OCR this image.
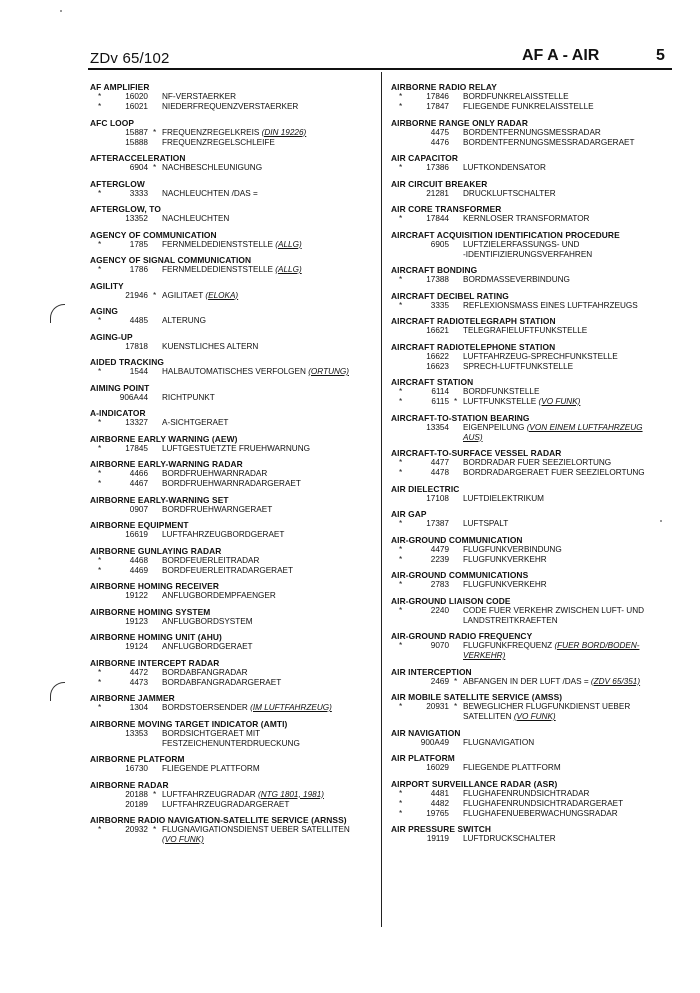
ZDv 65/102	AF A - AIR	5
AF AMPLIFIER
*	16020 NF-VERSTAERKER
*	16021 NIEDERFREQUENZVERSTAERKER
AFC LOOP
15887 * FREQUENZREGELKREIS (DIN 19226)
15888 FREQUENZREGELSCHLEIFE
AFTERACCELERATION
6904 * NACHBESCHLEUNIGUNG
AFTERGLOW
*	3333 NACHLEUCHTEN /DAS =
AFTERGLOW, TO
13352 NACHLEUCHTEN
AGENCY OF COMMUNICATION
*	1785 FERNMELDEDIENSTSTELLE (ALLG)
AGENCY OF SIGNAL COMMUNICATION
*	1786 FERNMELDEDIENSTSTELLE (ALLG)
AGILITY
21946 * AGILITAET (ELOKA)
AGING
*	4485 ALTERUNG
AGING-UP
17818 KUENSTLICHES ALTERN
AIDED TRACKING
*	1544 HALBAUTOMATISCHES VERFOLGEN (ORTUNG)
AIMING POINT
906A44 RICHTPUNKT
A-INDICATOR
*	13327 A-SICHTGERAET
AIRBORNE EARLY WARNING (AEW)
*	17845 LUFTGESTUETZTE FRUEHWARNUNG
AIRBORNE EARLY-WARNING RADAR
*	4466 BORDFRUEHWARNRADAR
*	4467 BORDFRUEHWARNRADARGERAET
AIRBORNE EARLY-WARNING SET
0907 BORDFRUEHWARNGERAET
AIRBORNE EQUIPMENT
16619 LUFTFAHRZEUGBORDGERAET
AIRBORNE GUNLAYING RADAR
*	4468 BORDFEUERLEITRADAR
*	4469 BORDFEUERLEITRADARGERAET
AIRBORNE HOMING RECEIVER
19122 ANFLUGBORDEMPFAENGER
AIRBORNE HOMING SYSTEM
19123 ANFLUGBORDSYSTEM
AIRBORNE HOMING UNIT (AHU)
19124 ANFLUGBORDGERAET
AIRBORNE INTERCEPT RADAR
*	4472 BORDABFANGRADAR
*	4473 BORDABFANGRADARGERAET
AIRBORNE JAMMER
*	1304 BORDSTOERSENDER (IM LUFTFAHRZEUG)
AIRBORNE MOVING TARGET INDICATOR (AMTI)
13353 BORDSICHTGERAET MIT
FESTZEICHENUNTERDRUECKUNG
AIRBORNE PLATFORM
16730 FLIEGENDE PLATTFORM
AIRBORNE RADAR
20188 * LUFTFAHRZEUGRADAR (NTG 1801, 1981)
20189 LUFTFAHRZEUGRADARGERAET
AIRBORNE RADIO NAVIGATION-SATELLITE SERVICE (ARNSS)
*	20932 * FLUGNAVIGATIONSDIENST UEBER SATELLITEN
(VO FUNK)
AIRBORNE RADIO RELAY
*	17846 BORDFUNKRELAISSTELLE
*	17847 FLIEGENDE FUNKRELAISSTELLE
AIRBORNE RANGE ONLY RADAR
4475 BORDENTFERNUNGSMESSRADAR
4476 BORDENTFERNUNGSMESSRADARGERAET
AIR CAPACITOR
*	17386 LUFTKONDENSATOR
AIR CIRCUIT BREAKER
21281 DRUCKLUFTSCHALTER
AIR CORE TRANSFORMER
*	17844 KERNLOSER TRANSFORMATOR
AIRCRAFT ACQUISITION IDENTIFICATION PROCEDURE
6905 LUFTZIELERFASSUNGS- UND
-IDENTIFIZIERUNGSVERFAHREN
AIRCRAFT BONDING
*	17388 BORDMASSEVERBINDUNG
AIRCRAFT DECIBEL RATING
*	3335 REFLEXIONSMASS EINES LUFTFAHRZEUGS
AIRCRAFT RADIOTELEGRAPH STATION
16621 TELEGRAFIELUFTFUNKSTELLE
AIRCRAFT RADIOTELEPHONE STATION
16622 LUFTFAHRZEUG-SPRECHFUNKSTELLE
16623 SPRECH-LUFTFUNKSTELLE
AIRCRAFT STATION
*	6114 BORDFUNKSTELLE
*	6115 * LUFTFUNKSTELLE (VO FUNK)
AIRCRAFT-TO-STATION BEARING
13354 EIGENPEILUNG (VON EINEM LUFTFAHRZEUG
AUS)
AIRCRAFT-TO-SURFACE VESSEL RADAR
*	4477 BORDRADAR FUER SEEZIELORTUNG
*	4478 BORDRADARGERAET FUER SEEZIELORTUNG
AIR DIELECTRIC
17108 LUFTDIELEKTRIKUM
AIR GAP
*	17387 LUFTSPALT
AIR-GROUND COMMUNICATION
*	4479 FLUGFUNKVERBINDUNG
*	2239 FLUGFUNKVERKEHR
AIR-GROUND COMMUNICATIONS
*	2783 FLUGFUNKVERKEHR
AIR-GROUND LIAISON CODE
*	2240 CODE FUER VERKEHR ZWISCHEN LUFT- UND
LANDSTREITKRAEFTEN
AIR-GROUND RADIO FREQUENCY
*	9070 FLUGFUNKFREQUENZ (FUER BORD/BODEN-
VERKEHR)
AIR INTERCEPTION
2469 * ABFANGEN IN DER LUFT /DAS = (ZDV 65/351)
AIR MOBILE SATELLITE SERVICE (AMSS)
*	20931 * BEWEGLICHER FLUGFUNKDIENST UEBER
SATELLITEN (VO FUNK)
AIR NAVIGATION
900A49 FLUGNAVIGATION
AIR PLATFORM
16029 FLIEGENDE PLATTFORM
AIRPORT SURVEILLANCE RADAR (ASR)
*	4481 FLUGHAFENRUNDSICHTRADAR
*	4482 FLUGHAFENRUNDSICHTRADARGERAET
*	19765 FLUGHAFENUEBERWACHUNGSRADAR
AIR PRESSURE SWITCH
19119 LUFTDRUCKSCHALTER
